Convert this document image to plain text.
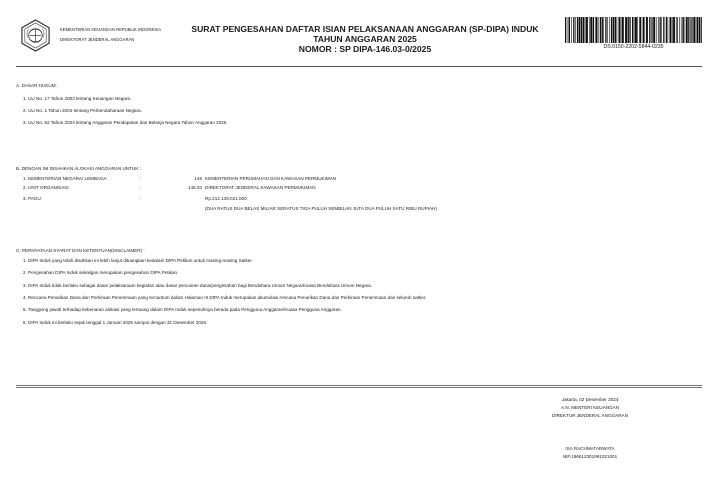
KEMENTERIAN KEUANGAN REPUBLIK INDONESIA
DIREKTORAT JENDERAL ANGGARAN
SURAT PENGESAHAN DAFTAR ISIAN PELAKSANAAN ANGGARAN (SP-DIPA) INDUK
TAHUN ANGGARAN 2025
NOMOR : SP DIPA-146.03-0/2025	DS:0150-2202-5844-0235
A. DASAR HUKUM :
1. UU No. 17 Tahun 2003 tentang Keuangan Negara.
2. UU No. 1 Tahun 2004 tentang Perbendaharaan Negara.
3. UU No. 62 Tahun 2024 tentang Anggaran Pendapatan dan Belanja Negara Tahun Anggaran 2025
B. DENGAN INI DISAHKAN ALOKASI ANGGARAN UNTUK :
1. KEMENTERIAN NEGARA/ LEMBAGA	:	146 KEMENTERIAN PERUMAHAN DAN KAWASAN PERMUKIMAN
2. UNIT ORGANISASI	:	146.03 DIREKTORAT JENDERAL KAWASAN PERMUKIMAN
3. PAGU	:	Rp.212.139.021.000
(DUA RATUS DUA BELAS MILIAR SERATUS TIGA PULUH SEMBILAN JUTA DUA PULUH SATU RIBU RUPIAH)
C. PERNYATAAN SYARAT DAN KETENTUAN(DISCLAIMER) :
1. DIPA Induk yang telah disahkan ini lebih lanjut dituangkan kedalam DIPA Petikan untuk masing-masing Satker.
2. Pengesahan DIPA Induk sekaligus merupakan pengesahan DIPA Petikan.
3. DIPA Induk tidak berlaku sebagai dasar pelaksanaan kegiatan atau dasar pencairan dana/pengesahan bagi Bendahara Umum Negara/Kuasa Bendahara Umum Negara.
4. Rencana Penarikan Dana dan Perkiraan Penerimaan yang tercantum dalam Halaman III DIPA Induk merupakan akumulasi rencana Penarikan Dana dan Perkiraan Penerimaan dari seluruh satker.
5. Tanggung jawab terhadap kebenaran alokasi yang tertuang dalam DIPA Induk sepenuhnya berada pada Pengguna Anggaran/Kuasa Pengguna Anggaran.
6. DIPA Induk ini berlaku sejak tanggal 1 Januari 2025 sampai dengan 31 Desember 2025.
Jakarta, 02 Desember 2024
A.N. MENTERI KEUANGAN
DIREKTUR JENDERAL ANGGARAN
ISA RACHMATARWATA
NIP.196612301991021001
